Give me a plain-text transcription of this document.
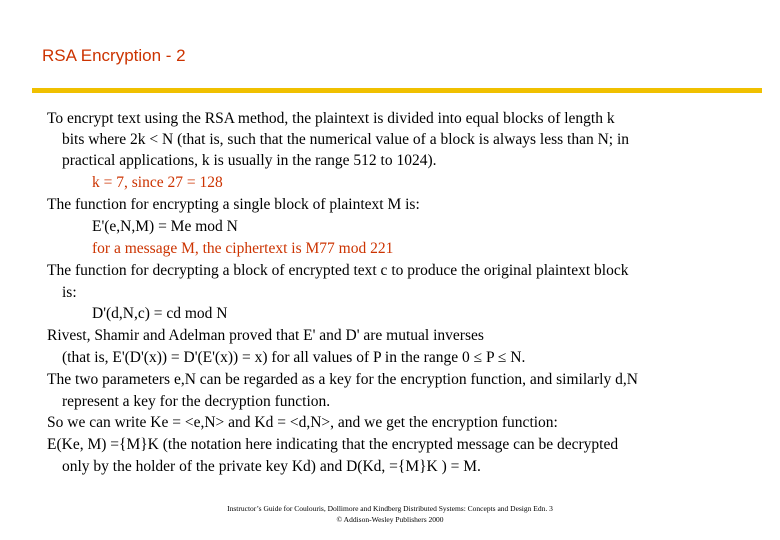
RSA Encryption - 2
To encrypt text using the RSA method, the plaintext is divided into equal blocks of length k
bits where 2k < N (that is, such that the numerical value of a block is always less than N; in
practical applications, k is usually in the range 512 to 1024).
k = 7, since 27 = 128
The function for encrypting a single block of plaintext M is:
E'(e,N,M) = Me mod N
for a message M, the ciphertext is M77 mod 221
The function for decrypting a block of encrypted text c to produce the original plaintext block
is:
D'(d,N,c) = cd mod N
Rivest, Shamir and Adelman proved that E' and D' are mutual inverses
(that is, E'(D'(x)) = D'(E'(x)) = x) for all values of P in the range 0 ≤ P ≤ N.
The two parameters e,N can be regarded as a key for the encryption function, and similarly d,N
represent a key for the decryption function.
So we can write Ke = <e,N> and Kd = <d,N>, and we get the encryption function:
E(Ke, M) ={M}K (the notation here indicating that the encrypted message can be decrypted
only by the holder of the private key Kd) and D(Kd, ={M}K ) = M.
Instructor’s Guide for Coulouris, Dollimore and Kindberg Distributed Systems: Concepts and Design Edn. 3
© Addison-Wesley Publishers 2000
